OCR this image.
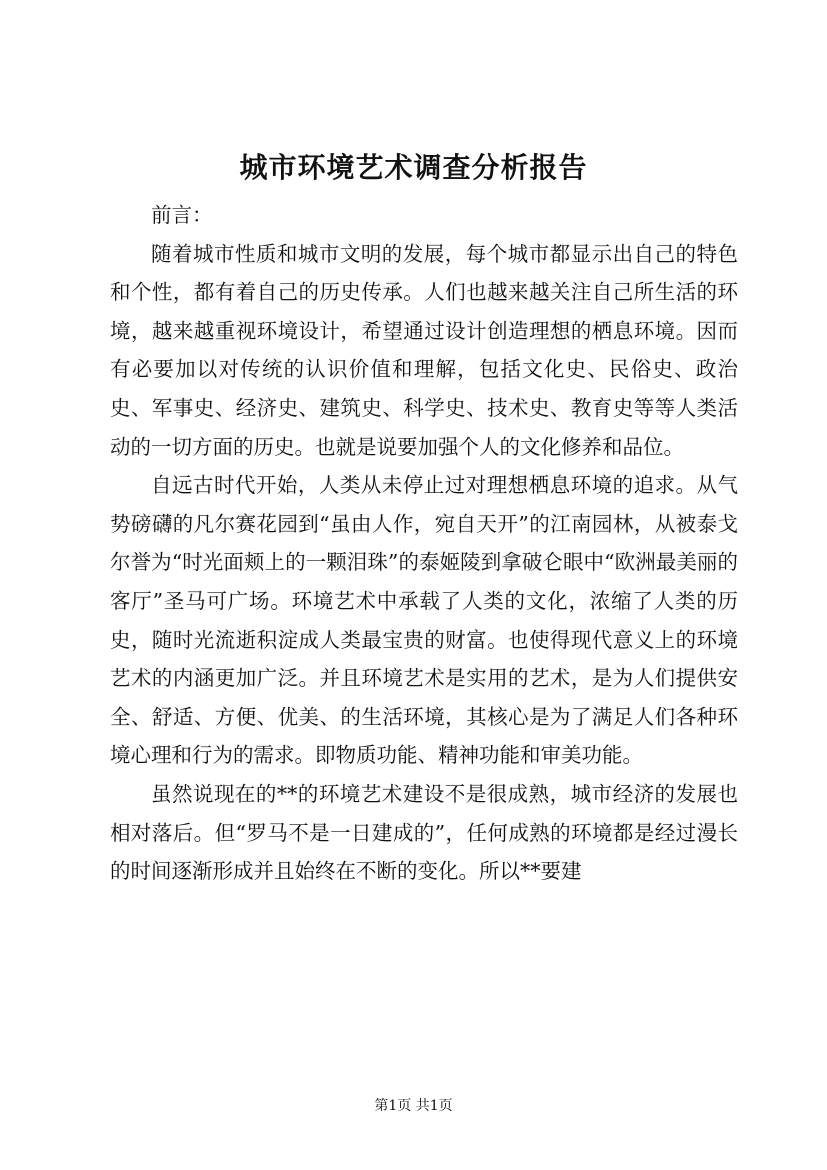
城市环境艺术调查分析报告

前言：

随着城市性质和城市文明的发展，每个城市都显示出自己的特色和个性，都有着自己的历史传承。人们也越来越关注自己所生活的环境，越来越重视环境设计，希望通过设计创造理想的栖息环境。因而有必要加以对传统的认识价值和理解，包括文化史、民俗史、政治史、军事史、经济史、建筑史、科学史、技术史、教育史等等人类活动的一切方面的历史。也就是说要加强个人的文化修养和品位。

自远古时代开始，人类从未停止过对理想栖息环境的追求。从气势磅礴的凡尔赛花园到“虽由人作，宛自天开”的江南园林，从被泰戈尔誉为“时光面颊上的一颗泪珠”的泰姬陵到拿破仑眼中“欧洲最美丽的客厅”圣马可广场。环境艺术中承载了人类的文化，浓缩了人类的历史，随时光流逝积淀成人类最宝贵的财富。也使得现代意义上的环境艺术的内涵更加广泛。并且环境艺术是实用的艺术，是为人们提供安全、舒适、方便、优美、的生活环境，其核心是为了满足人们各种环境心理和行为的需求。即物质功能、精神功能和审美功能。

虽然说现在的**的环境艺术建设不是很成熟，城市经济的发展也相对落后。但“罗马不是一日建成的”，任何成熟的环境都是经过漫长的时间逐渐形成并且始终在不断的变化。所以**要建

第1页 共1页
